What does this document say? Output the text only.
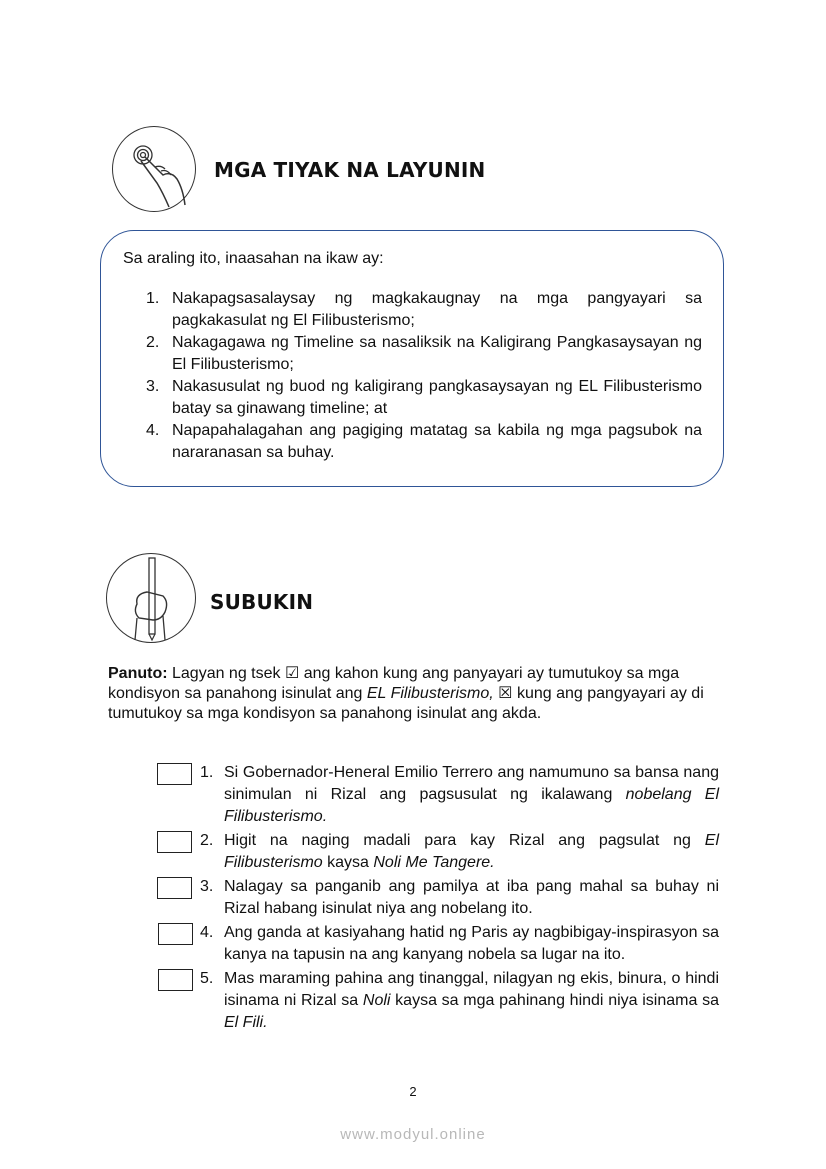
MGA TIYAK NA LAYUNIN
Sa araling ito, inaasahan na ikaw ay:
1. Nakapagsasalaysay ng magkakaugnay na mga pangyayari sa pagkakasulat ng El Filibusterismo;
2. Nakagagawa ng Timeline sa nasaliksik na Kaligirang Pangkasaysayan ng El Filibusterismo;
3. Nakasusulat ng buod ng kaligirang pangkasaysayan ng EL Filibusterismo batay sa ginawang timeline; at
4. Napapahalagahan ang pagiging matatag sa kabila ng mga pagsubok na nararanasan sa buhay.
SUBUKIN
Panuto: Lagyan ng tsek ☑ ang kahon kung ang panyayari ay tumutukoy sa mga kondisyon sa panahong isinulat ang EL Filibusterismo, ☒ kung ang pangyayari ay di tumutukoy sa mga kondisyon sa panahong isinulat ang akda.
1. Si Gobernador-Heneral Emilio Terrero ang namumuno sa bansa nang sinimulan ni Rizal ang pagsusulat ng ikalawang nobelang El Filibusterismo.
2. Higit na naging madali para kay Rizal ang pagsulat ng El Filibusterismo kaysa Noli Me Tangere.
3. Nalagay sa panganib ang pamilya at iba pang mahal sa buhay ni Rizal habang isinulat niya ang nobelang ito.
4. Ang ganda at kasiyahang hatid ng Paris ay nagbibigay-inspirasyon sa kanya na tapusin na ang kanyang nobela sa lugar na ito.
5. Mas maraming pahina ang tinanggal, nilagyan ng ekis, binura, o hindi isinama ni Rizal sa Noli kaysa sa mga pahinang hindi niya isinama sa El Fili.
2
www.modyul.online
